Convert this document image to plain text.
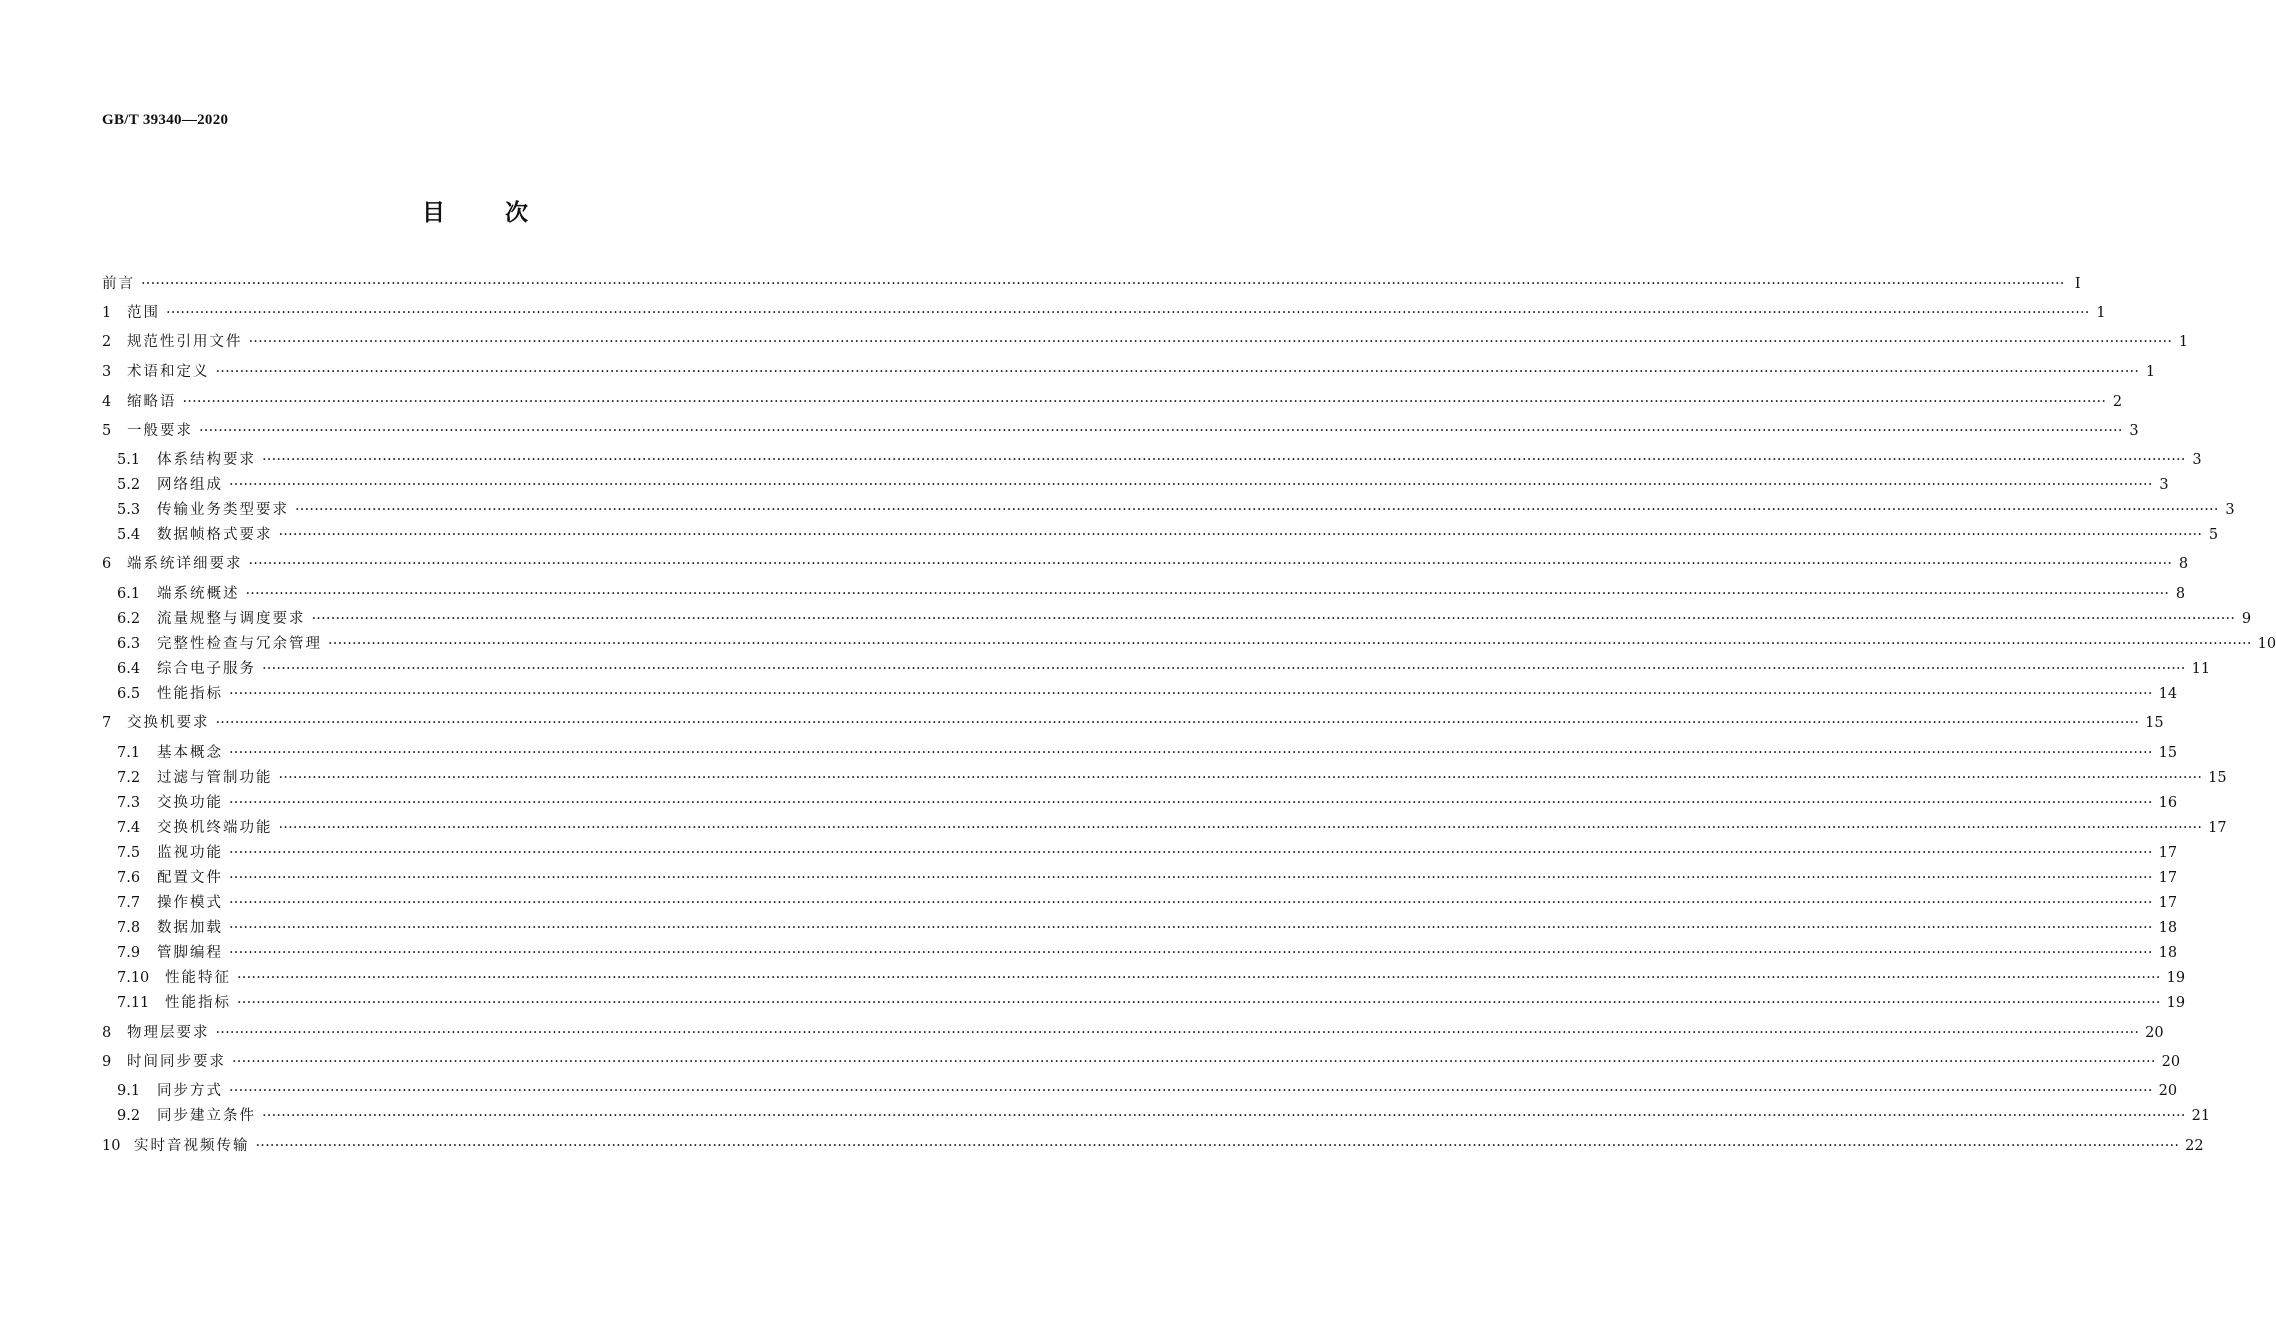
GB/T 39340—2020
目	次
前言 ················································································································································································································································································································································································································ Ⅰ
1	范围 ················································································································································································································································································································································································································ 1
2	规范性引用文件 ················································································································································································································································································································································································································ 1
3	术语和定义 ················································································································································································································································································································································································································ 1
4	缩略语 ················································································································································································································································································································································································································ 2
5	一般要求 ················································································································································································································································································································································································································ 3
5.1	体系结构要求 ················································································································································································································································································································································································································ 3
5.2	网络组成 ················································································································································································································································································································································································································ 3
5.3	传输业务类型要求 ················································································································································································································································································································································································································ 3
5.4	数据帧格式要求 ················································································································································································································································································································································································································ 5
6	端系统详细要求 ················································································································································································································································································································································································································ 8
6.1	端系统概述 ················································································································································································································································································································································································································ 8
6.2	流量规整与调度要求 ················································································································································································································································································································································································································ 9
6.3	完整性检查与冗余管理 ················································································································································································································································································································································································································ 10
6.4	综合电子服务 ················································································································································································································································································································································································································ 11
6.5	性能指标 ················································································································································································································································································································································································································ 14
7	交换机要求 ················································································································································································································································································································································································································ 15
7.1	基本概念 ················································································································································································································································································································································································································ 15
7.2	过滤与管制功能 ················································································································································································································································································································································································································ 15
7.3	交换功能 ················································································································································································································································································································································································································ 16
7.4	交换机终端功能 ················································································································································································································································································································································································································ 17
7.5	监视功能 ················································································································································································································································································································································································································ 17
7.6	配置文件 ················································································································································································································································································································································································································ 17
7.7	操作模式 ················································································································································································································································································································································································································ 17
7.8	数据加载 ················································································································································································································································································································································································································ 18
7.9	管脚编程 ················································································································································································································································································································································································································ 18
7.10	性能特征 ················································································································································································································································································································································································································ 19
7.11	性能指标 ················································································································································································································································································································································································································ 19
8	物理层要求 ················································································································································································································································································································································································································ 20
9	时间同步要求 ················································································································································································································································································································································································································ 20
9.1	同步方式 ················································································································································································································································································································································································································ 20
9.2	同步建立条件 ················································································································································································································································································································································································································ 21
10 实时音视频传输 ················································································································································································································································································································································································································ 22
